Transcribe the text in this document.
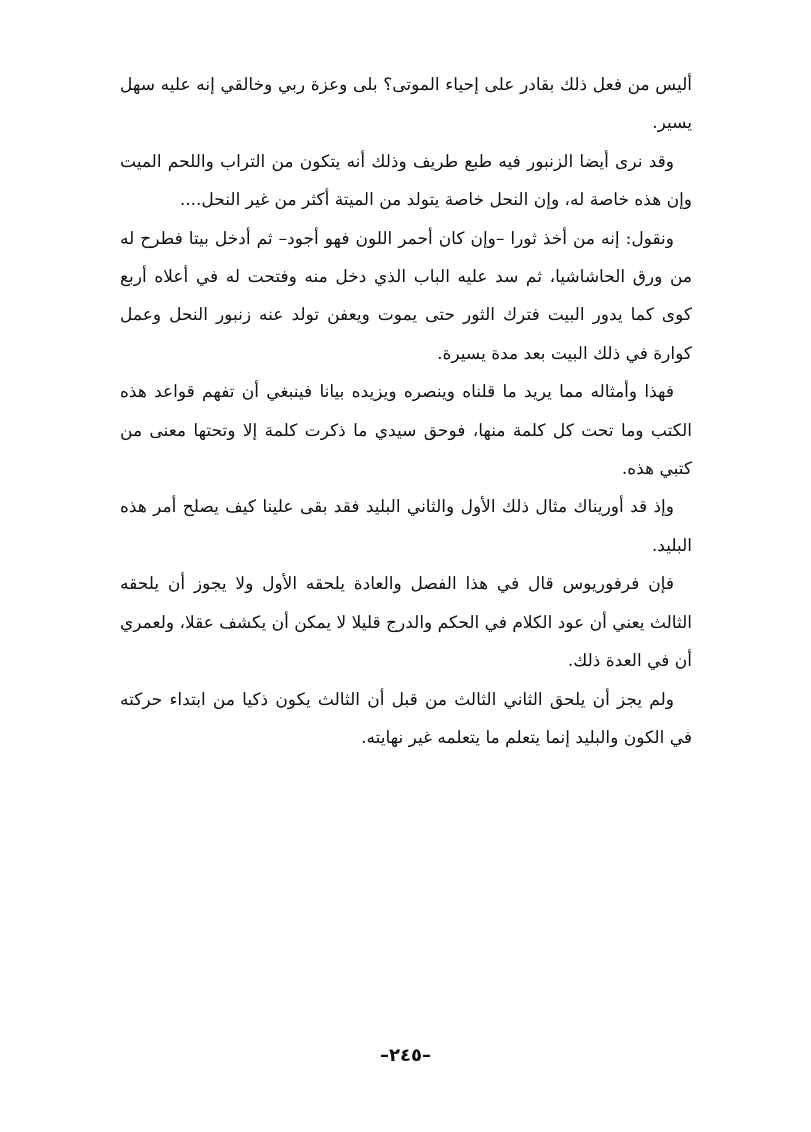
أليس من فعل ذلك بقادر على إحياء الموتى؟ بلى وعزة ربي وخالقي إنه عليه سهل يسير.

وقد نرى أيضا الزنبور فيه طبع طريف وذلك أنه يتكون من التراب واللحم الميت وإن هذه خاصة له، وإن النحل خاصة يتولد من الميتة أكثر من غير النحل....

ونقول: إنه من أخذ ثورا –وإن كان أحمر اللون فهو أجود– ثم أدخل بيتا فطرح له من ورق الحاشاشيا، ثم سد عليه الباب الذي دخل منه وفتحت له في أعلاه أربع كوى كما يدور البيت فترك الثور حتى يموت ويعفن تولد عنه زنبور النحل وعمل كوارة في ذلك البيت بعد مدة يسيرة.

فهذا وأمثاله مما يريد ما قلناه وينصره ويزيده بيانا فينبغي أن تفهم قواعد هذه الكتب وما تحت كل كلمة منها، فوحق سيدي ما ذكرت كلمة إلا وتحتها معنى من كتبي هذه.

وإذ قد أوريناك مثال ذلك الأول والثاني البليد فقد بقى علينا كيف يصلح أمر هذه البليد.

فإن فرفوريوس قال في هذا الفصل والعادة يلحقه الأول ولا يجوز أن يلحقه الثالث يعني أن عود الكلام في الحكم والدرج قليلا لا يمكن أن يكشف عقلا، ولعمري أن في العدة ذلك.

ولم يجز أن يلحق الثاني الثالث من قبل أن الثالث يكون ذكيا من ابتداء حركته في الكون والبليد إنما يتعلم ما يتعلمه غير نهايته.

–٢٤٥–
